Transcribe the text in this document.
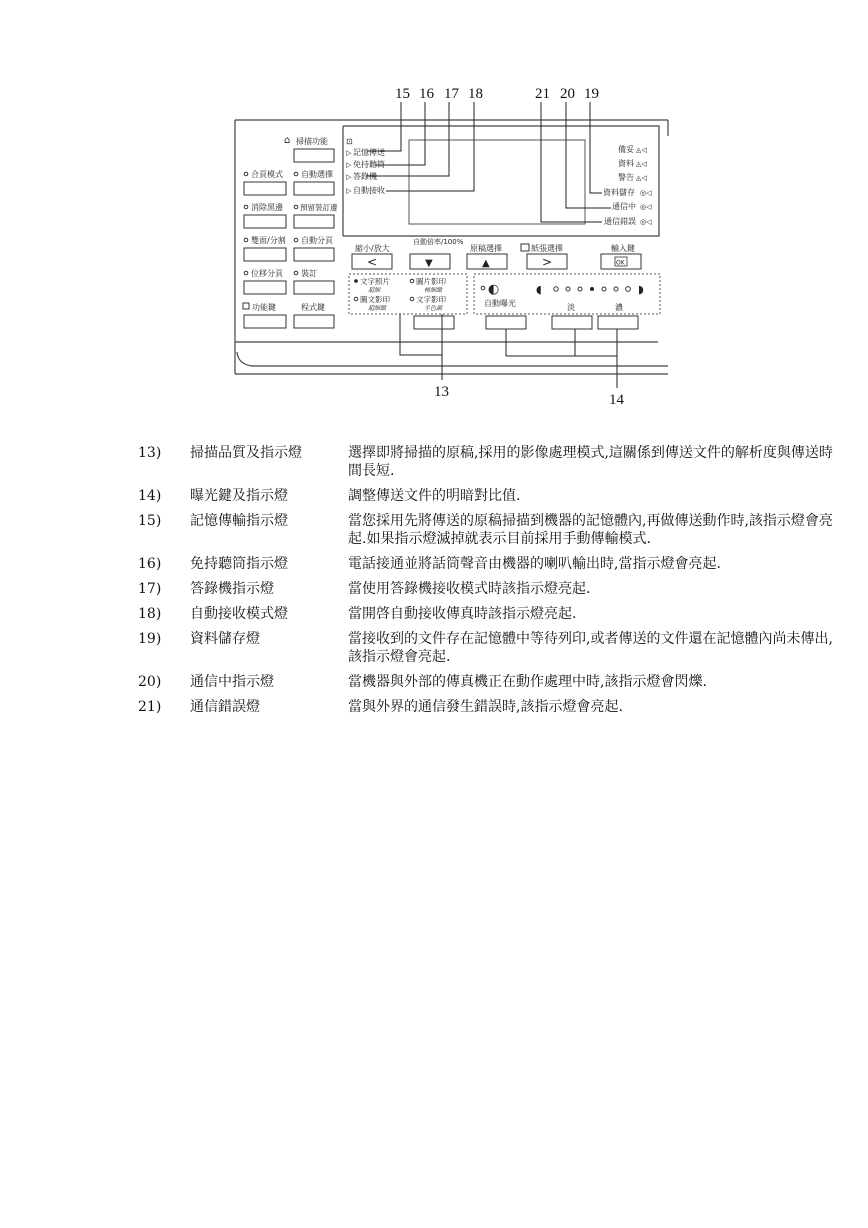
15 16 17 18	21 20 19
⊡
⌂ 掃描功能
合頁模式 自動選擇
消除黑邊 預留裝訂邊
雙面/分割 自動分頁
位移分頁 裝訂
功能鍵	程式鍵
▷ 記憶傳送
▷ 免持聽筒
▷ 答錄機
▷ 自動接收
備妥 ◬◁
資料 ◬◁
警告 ◬◁
資料儲存 ◎◁
通信中 ◎◁
通信錯誤 ◎◁
縮小/放大
<
自動倍率/100%
▼
原稿選擇
▲
紙張選擇
>
輸入鍵
OK
文字照片
超細
圖片影印
極細緻
圖文影印
超細緻
文字影印
半色調
◐
自動曝光
◖	◗
淡	濃
13	14
13)	掃描品質及指示燈	選擇即將掃描的原稿,採用的影像處理模式,這關係到傳送文件的解析度與傳送時間長短.
14)	曝光鍵及指示燈	調整傳送文件的明暗對比值.
15)	記憶傳輸指示燈	當您採用先將傳送的原稿掃描到機器的記憶體內,再做傳送動作時,該指示燈會亮起.如果指示燈滅掉就表示目前採用手動傳輸模式.
16)	免持聽筒指示燈	電話接通並將話筒聲音由機器的喇叭輸出時,當指示燈會亮起.
17)	答錄機指示燈	當使用答錄機接收模式時該指示燈亮起.
18)	自動接收模式燈	當開啓自動接收傳真時該指示燈亮起.
19)	資料儲存燈	當接收到的文件存在記憶體中等待列印,或者傳送的文件還在記憶體內尚未傳出,該指示燈會亮起.
20)	通信中指示燈	當機器與外部的傳真機正在動作處理中時,該指示燈會閃爍.
21)	通信錯誤燈	當與外界的通信發生錯誤時,該指示燈會亮起.
